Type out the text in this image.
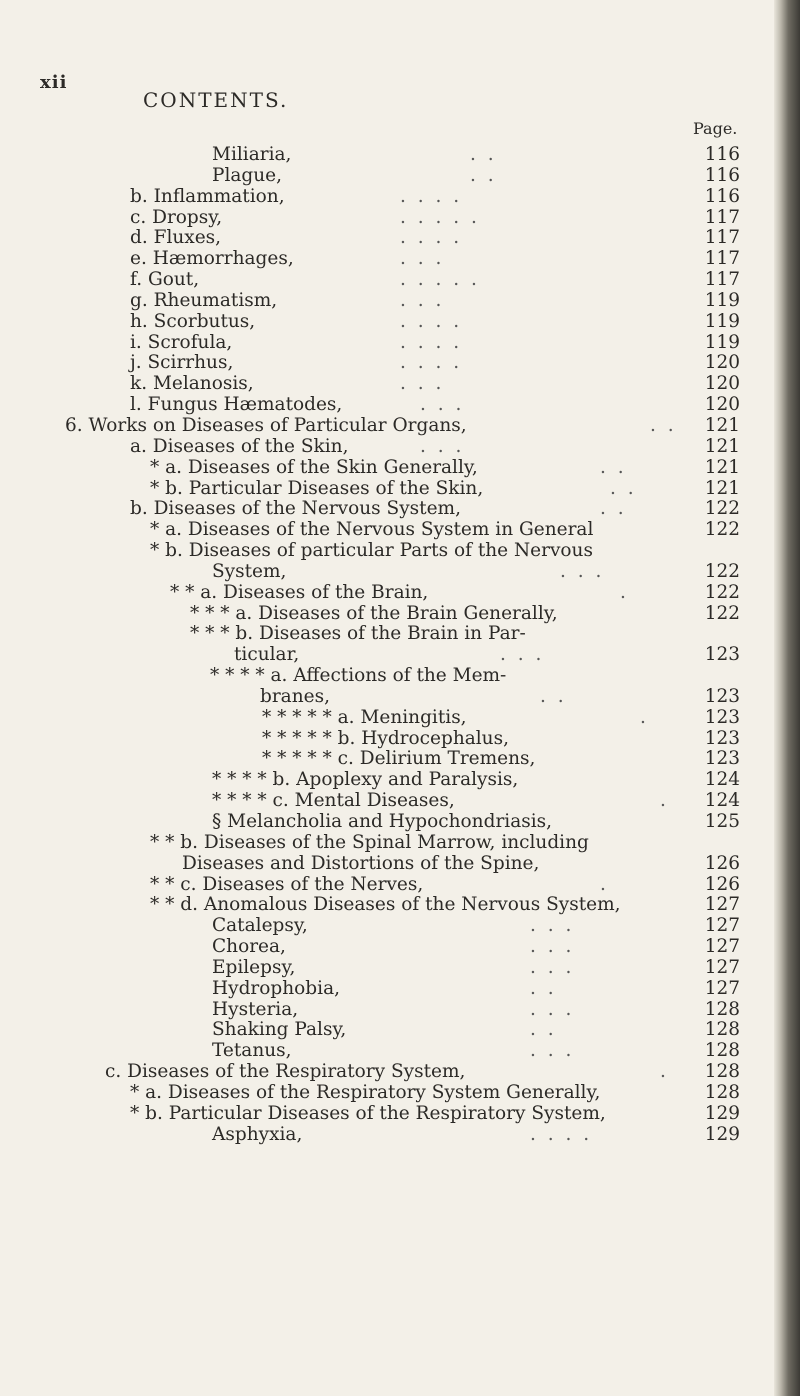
xii
CONTENTS.
Page.
Miliaria,	. .	116
Plague,	. .	116
b. Inflammation,	. . . .	116
c. Dropsy,	. . . . .	117
d. Fluxes,	. . . .	117
e. Hæmorrhages,	. . .	117
f. Gout,	. . . . .	117
g. Rheumatism,	. . .	119
h. Scorbutus,	. . . .	119
i. Scrofula,	. . . .	119
j. Scirrhus,	. . . .	120
k. Melanosis,	. . .	120
l. Fungus Hæmatodes,	. . .	120
6. Works on Diseases of Particular Organs,	. . 121
a. Diseases of the Skin,	. . .	121
* a. Diseases of the Skin Generally,	. .	121
* b. Particular Diseases of the Skin,	. .	121
b. Diseases of the Nervous System,	. .	122
* a. Diseases of the Nervous System in General	122
* b. Diseases of particular Parts of the Nervous
System,	. . .	122
* * a. Diseases of the Brain,	.	122
* * * a. Diseases of the Brain Generally,	122
* * * b. Diseases of the Brain in Par-
ticular,	. . .	123
* * * * a. Affections of the Mem-
branes,	. .	123
* * * * * a. Meningitis,	.	123
* * * * * b. Hydrocephalus,	123
* * * * * c. Delirium Tremens,	123
* * * * b. Apoplexy and Paralysis,	124
* * * * c. Mental Diseases,	. 124
§ Melancholia and Hypochondriasis,	125
* * b. Diseases of the Spinal Marrow, including
Diseases and Distortions of the Spine,	126
* * c. Diseases of the Nerves,	.	126
* * d. Anomalous Diseases of the Nervous System,	127
Catalepsy,	. . .	127
Chorea,	. . .	127
Epilepsy,	. . .	127
Hydrophobia,	. .	127
Hysteria,	. . .	128
Shaking Palsy,	. .	128
Tetanus,	. . .	128
c. Diseases of the Respiratory System,	. 128
* a. Diseases of the Respiratory System Generally,	128
* b. Particular Diseases of the Respiratory System,	129
Asphyxia,	. . . .	129
